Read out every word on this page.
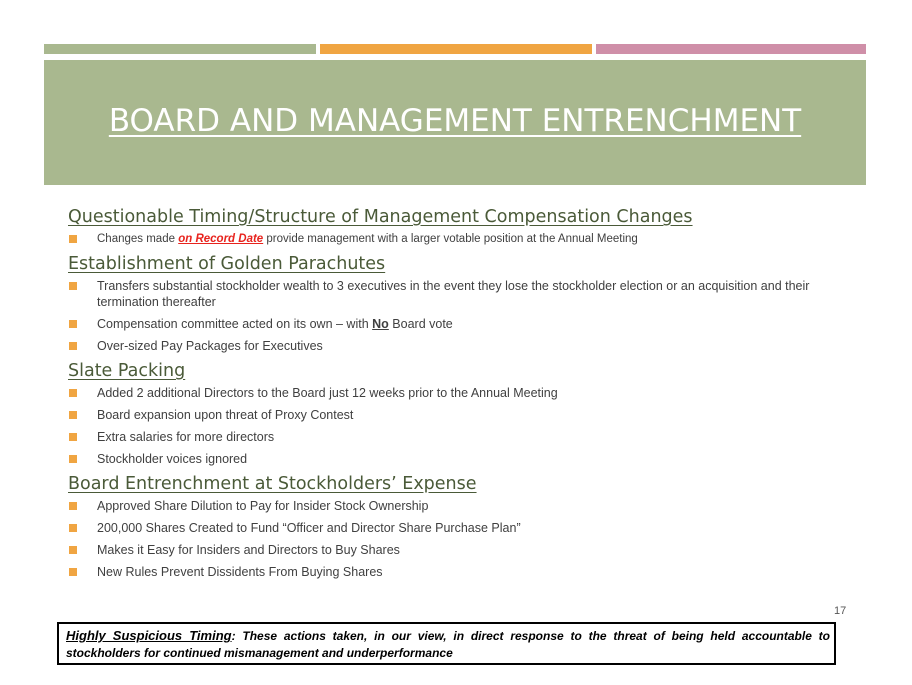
BOARD AND MANAGEMENT ENTRENCHMENT
Questionable Timing/Structure of Management Compensation Changes
Changes made on Record Date provide management with a larger votable position at the Annual Meeting
Establishment of Golden Parachutes
Transfers substantial stockholder wealth to 3 executives in the event they lose the stockholder election or an acquisition and their termination thereafter
Compensation committee acted on its own – with No Board vote
Over-sized Pay Packages for Executives
Slate Packing
Added 2 additional Directors to the Board just 12 weeks prior to the Annual Meeting
Board expansion upon threat of Proxy Contest
Extra salaries for more directors
Stockholder voices ignored
Board Entrenchment at Stockholders’ Expense
Approved Share Dilution to Pay for Insider Stock Ownership
200,000 Shares Created to Fund “Officer and Director Share Purchase Plan”
Makes it Easy for Insiders and Directors to Buy Shares
New Rules Prevent Dissidents From Buying Shares
17
Highly Suspicious Timing: These actions taken, in our view, in direct response to the threat of being held accountable to stockholders for continued mismanagement and underperformance
